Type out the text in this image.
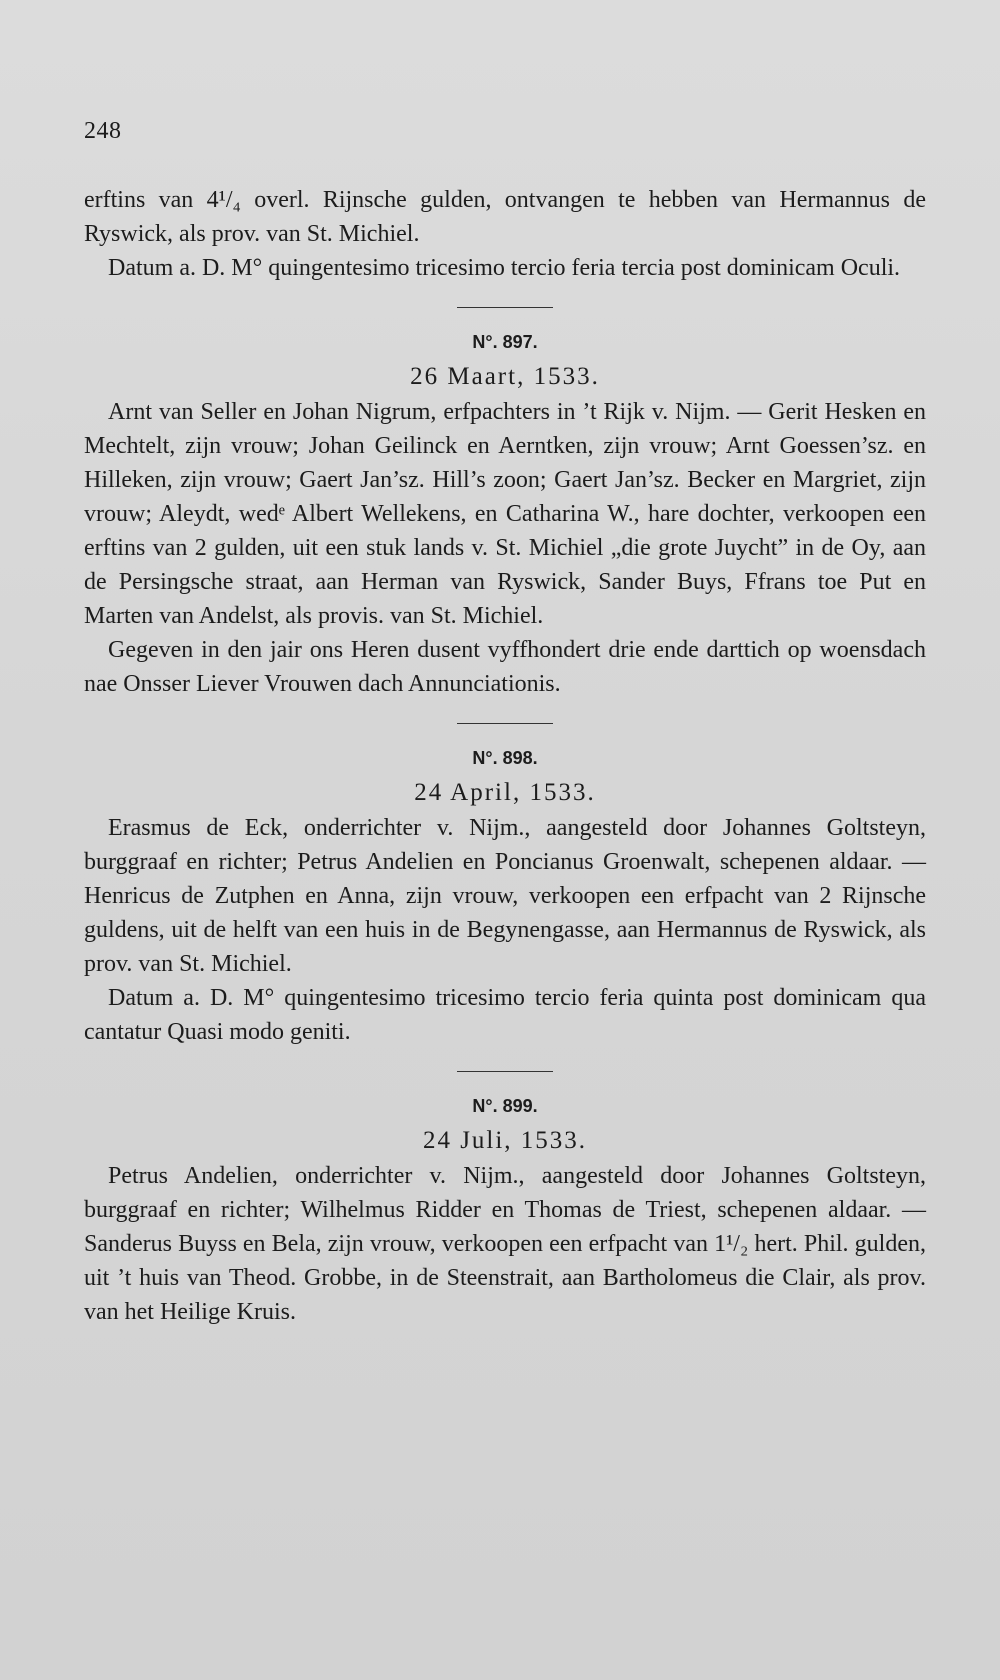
248

erftins van 4¹/₄ overl. Rijnsche gulden, ontvangen te hebben van Hermannus de Ryswick, als prov. van St. Michiel.

Datum a. D. M° quingentesimo tricesimo tercio feria tercia post dominicam Oculi.

N°. 897.
26 Maart, 1533.

Arnt van Seller en Johan Nigrum, erfpachters in ’t Rijk v. Nijm. — Gerit Hesken en Mechtelt, zijn vrouw; Johan Geilinck en Aerntken, zijn vrouw; Arnt Goessen’sz. en Hilleken, zijn vrouw; Gaert Jan’sz. Hill’s zoon; Gaert Jan’sz. Becker en Margriet, zijn vrouw; Aleydt, wedᵉ Albert Wellekens, en Catharina W., hare dochter, verkoopen een erftins van 2 gulden, uit een stuk lands v. St. Michiel „die grote Juycht” in de Oy, aan de Persingsche straat, aan Herman van Ryswick, Sander Buys, Ffrans toe Put en Marten van Andelst, als provis. van St. Michiel.

Gegeven in den jair ons Heren dusent vyffhondert drie ende darttich op woensdach nae Onsser Liever Vrouwen dach Annunciationis.

N°. 898.
24 April, 1533.

Erasmus de Eck, onderrichter v. Nijm., aangesteld door Johannes Goltsteyn, burggraaf en richter; Petrus Andelien en Poncianus Groenwalt, schepenen aldaar. — Henricus de Zutphen en Anna, zijn vrouw, verkoopen een erfpacht van 2 Rijnsche guldens, uit de helft van een huis in de Begynengasse, aan Hermannus de Ryswick, als prov. van St. Michiel.

Datum a. D. M° quingentesimo tricesimo tercio feria quinta post dominicam qua cantatur Quasi modo geniti.

N°. 899.
24 Juli, 1533.

Petrus Andelien, onderrichter v. Nijm., aangesteld door Johannes Goltsteyn, burggraaf en richter; Wilhelmus Ridder en Thomas de Triest, schepenen aldaar. — Sanderus Buyss en Bela, zijn vrouw, verkoopen een erfpacht van 1¹/₂ hert. Phil. gulden, uit ’t huis van Theod. Grobbe, in de Steenstrait, aan Bartholomeus die Clair, als prov. van het Heilige Kruis.
